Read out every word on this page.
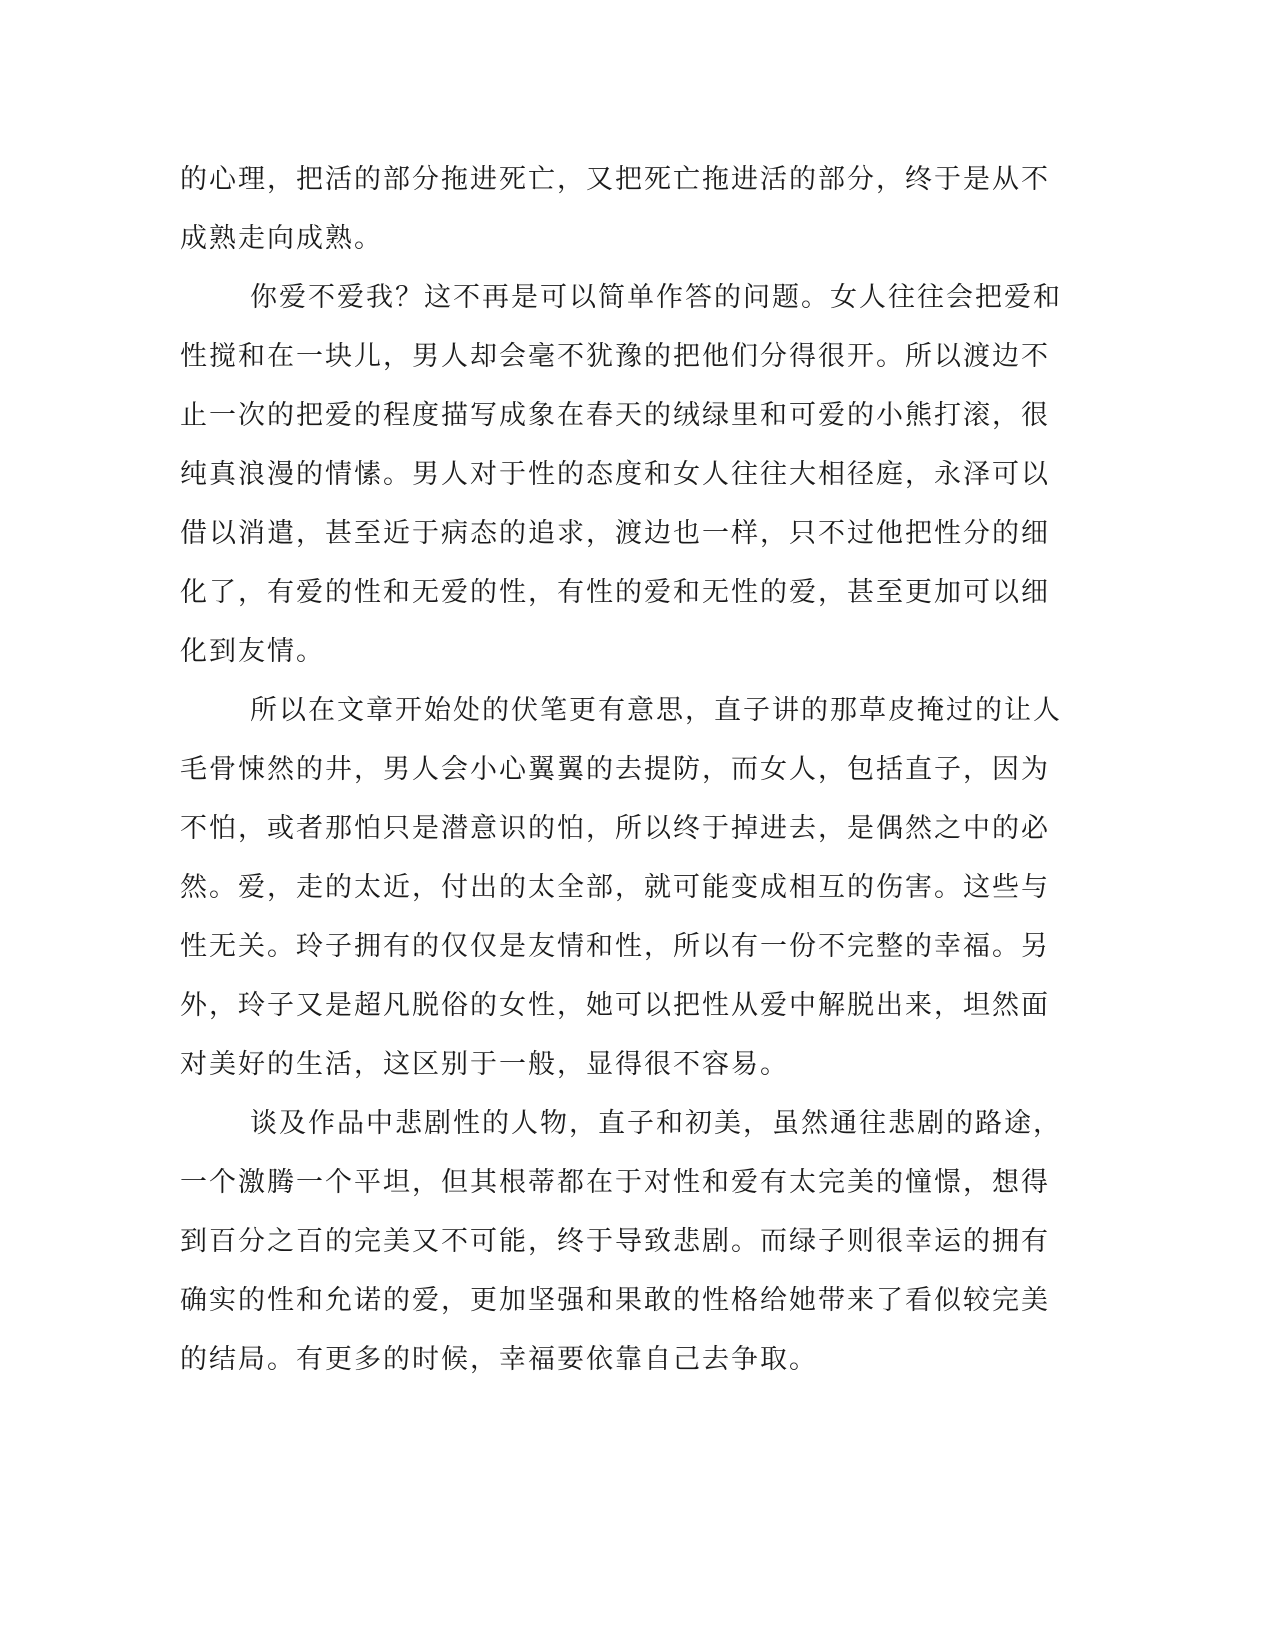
的心理，把活的部分拖进死亡，又把死亡拖进活的部分，终于是从不
成熟走向成熟。
你爱不爱我？这不再是可以简单作答的问题。女人往往会把爱和
性搅和在一块儿，男人却会毫不犹豫的把他们分得很开。所以渡边不
止一次的把爱的程度描写成象在春天的绒绿里和可爱的小熊打滚，很
纯真浪漫的情愫。男人对于性的态度和女人往往大相径庭，永泽可以
借以消遣，甚至近于病态的追求，渡边也一样，只不过他把性分的细
化了，有爱的性和无爱的性，有性的爱和无性的爱，甚至更加可以细
化到友情。
所以在文章开始处的伏笔更有意思，直子讲的那草皮掩过的让人
毛骨悚然的井，男人会小心翼翼的去提防，而女人，包括直子，因为
不怕，或者那怕只是潜意识的怕，所以终于掉进去，是偶然之中的必
然。爱，走的太近，付出的太全部，就可能变成相互的伤害。这些与
性无关。玲子拥有的仅仅是友情和性，所以有一份不完整的幸福。另
外，玲子又是超凡脱俗的女性，她可以把性从爱中解脱出来，坦然面
对美好的生活，这区别于一般，显得很不容易。
谈及作品中悲剧性的人物，直子和初美，虽然通往悲剧的路途，
一个激腾一个平坦，但其根蒂都在于对性和爱有太完美的憧憬，想得
到百分之百的完美又不可能，终于导致悲剧。而绿子则很幸运的拥有
确实的性和允诺的爱，更加坚强和果敢的性格给她带来了看似较完美
的结局。有更多的时候，幸福要依靠自己去争取。
